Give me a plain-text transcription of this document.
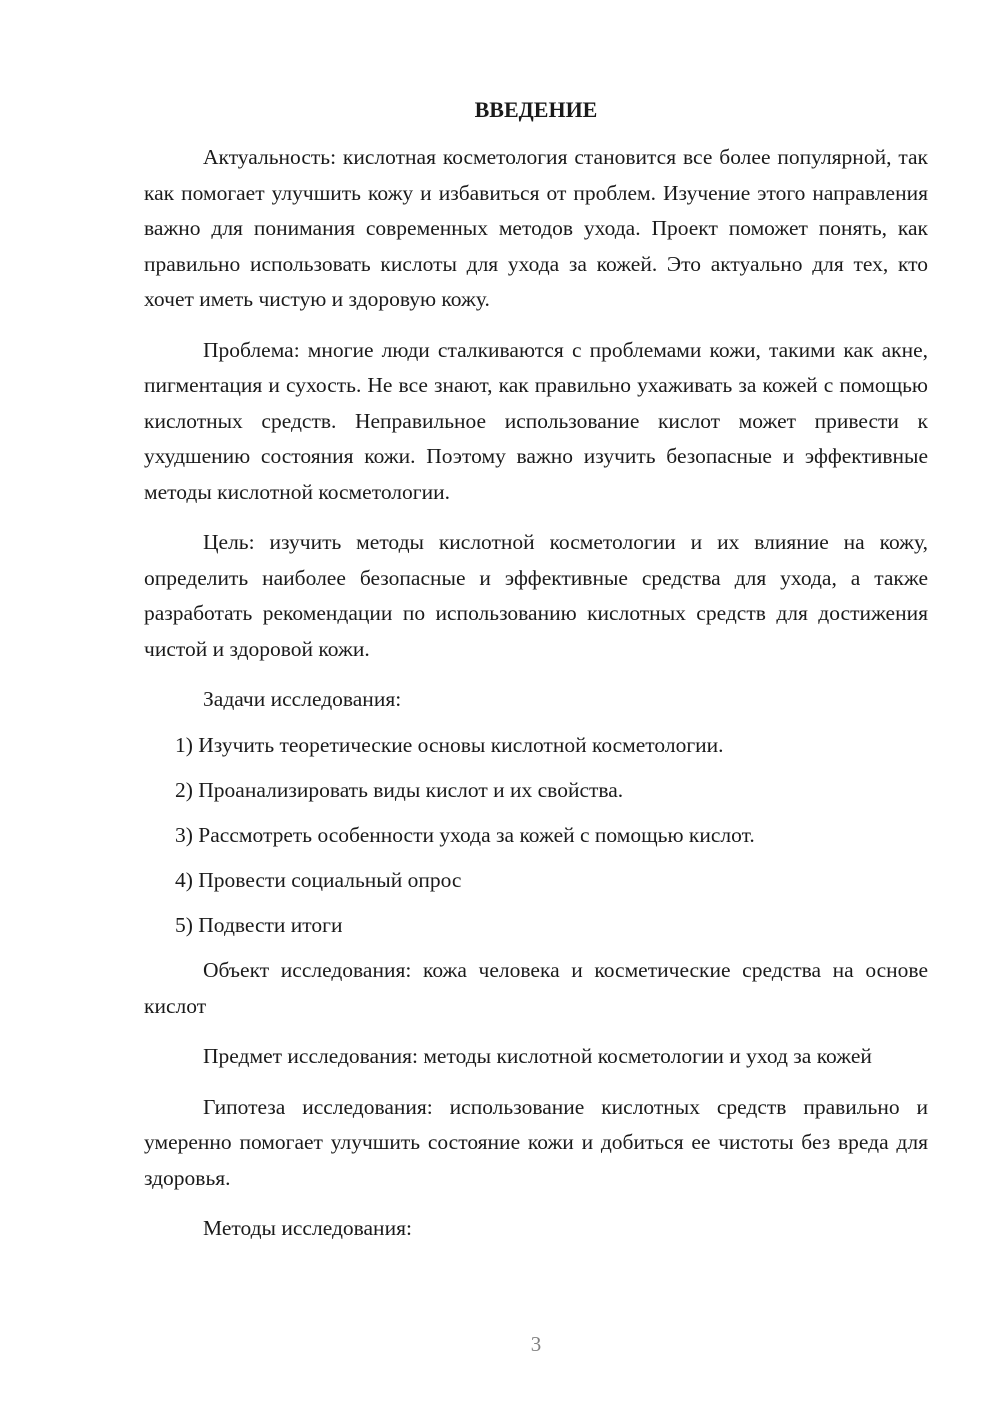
ВВЕДЕНИЕ

Актуальность: кислотная косметология становится все более популярной, так как помогает улучшить кожу и избавиться от проблем. Изучение этого направления важно для понимания современных методов ухода. Проект поможет понять, как правильно использовать кислоты для ухода за кожей. Это актуально для тех, кто хочет иметь чистую и здоровую кожу.

Проблема: многие люди сталкиваются с проблемами кожи, такими как акне, пигментация и сухость. Не все знают, как правильно ухаживать за кожей с помощью кислотных средств. Неправильное использование кислот может привести к ухудшению состояния кожи. Поэтому важно изучить безопасные и эффективные методы кислотной косметологии.

Цель: изучить методы кислотной косметологии и их влияние на кожу, определить наиболее безопасные и эффективные средства для ухода, а также разработать рекомендации по использованию кислотных средств для достижения чистой и здоровой кожи.

Задачи исследования:

1) Изучить теоретические основы кислотной косметологии.
2) Проанализировать виды кислот и их свойства.
3) Рассмотреть особенности ухода за кожей с помощью кислот.
4) Провести социальный опрос
5) Подвести итоги

Объект исследования: кожа человека и косметические средства на основе кислот

Предмет исследования: методы кислотной косметологии и уход за кожей

Гипотеза исследования: использование кислотных средств правильно и умеренно помогает улучшить состояние кожи и добиться ее чистоты без вреда для здоровья.

Методы исследования:

3
